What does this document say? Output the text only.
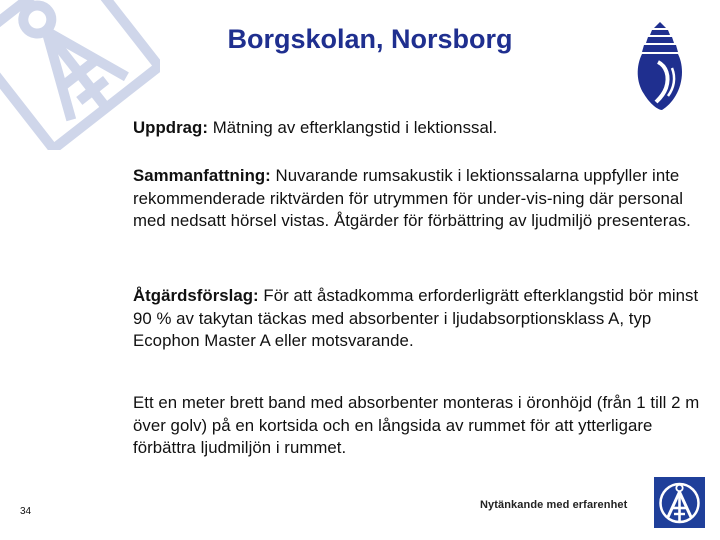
Borgskolan, Norsborg

Uppdrag: Mätning av efterklangstid i lektionssal.

Sammanfattning: Nuvarande rumsakustik i lektionssalarna uppfyller inte rekommenderade riktvärden för utrymmen för under-vis-ning där personal med nedsatt hörsel vistas. Åtgärder för förbättring av ljudmiljö presenteras.

Åtgärdsförslag: För att åstadkomma erforderligrätt efterklangstid bör minst 90 % av takytan täckas med absorbenter i ljudabsorptionsklass A, typ Ecophon Master A eller motsvarande.

Ett en meter brett band med absorbenter monteras i öronhöjd (från 1 till 2 m över golv) på en kortsida och en långsida av rummet för att ytterligare förbättra ljudmiljön i rummet.

34
Nytänkande med erfarenhet
